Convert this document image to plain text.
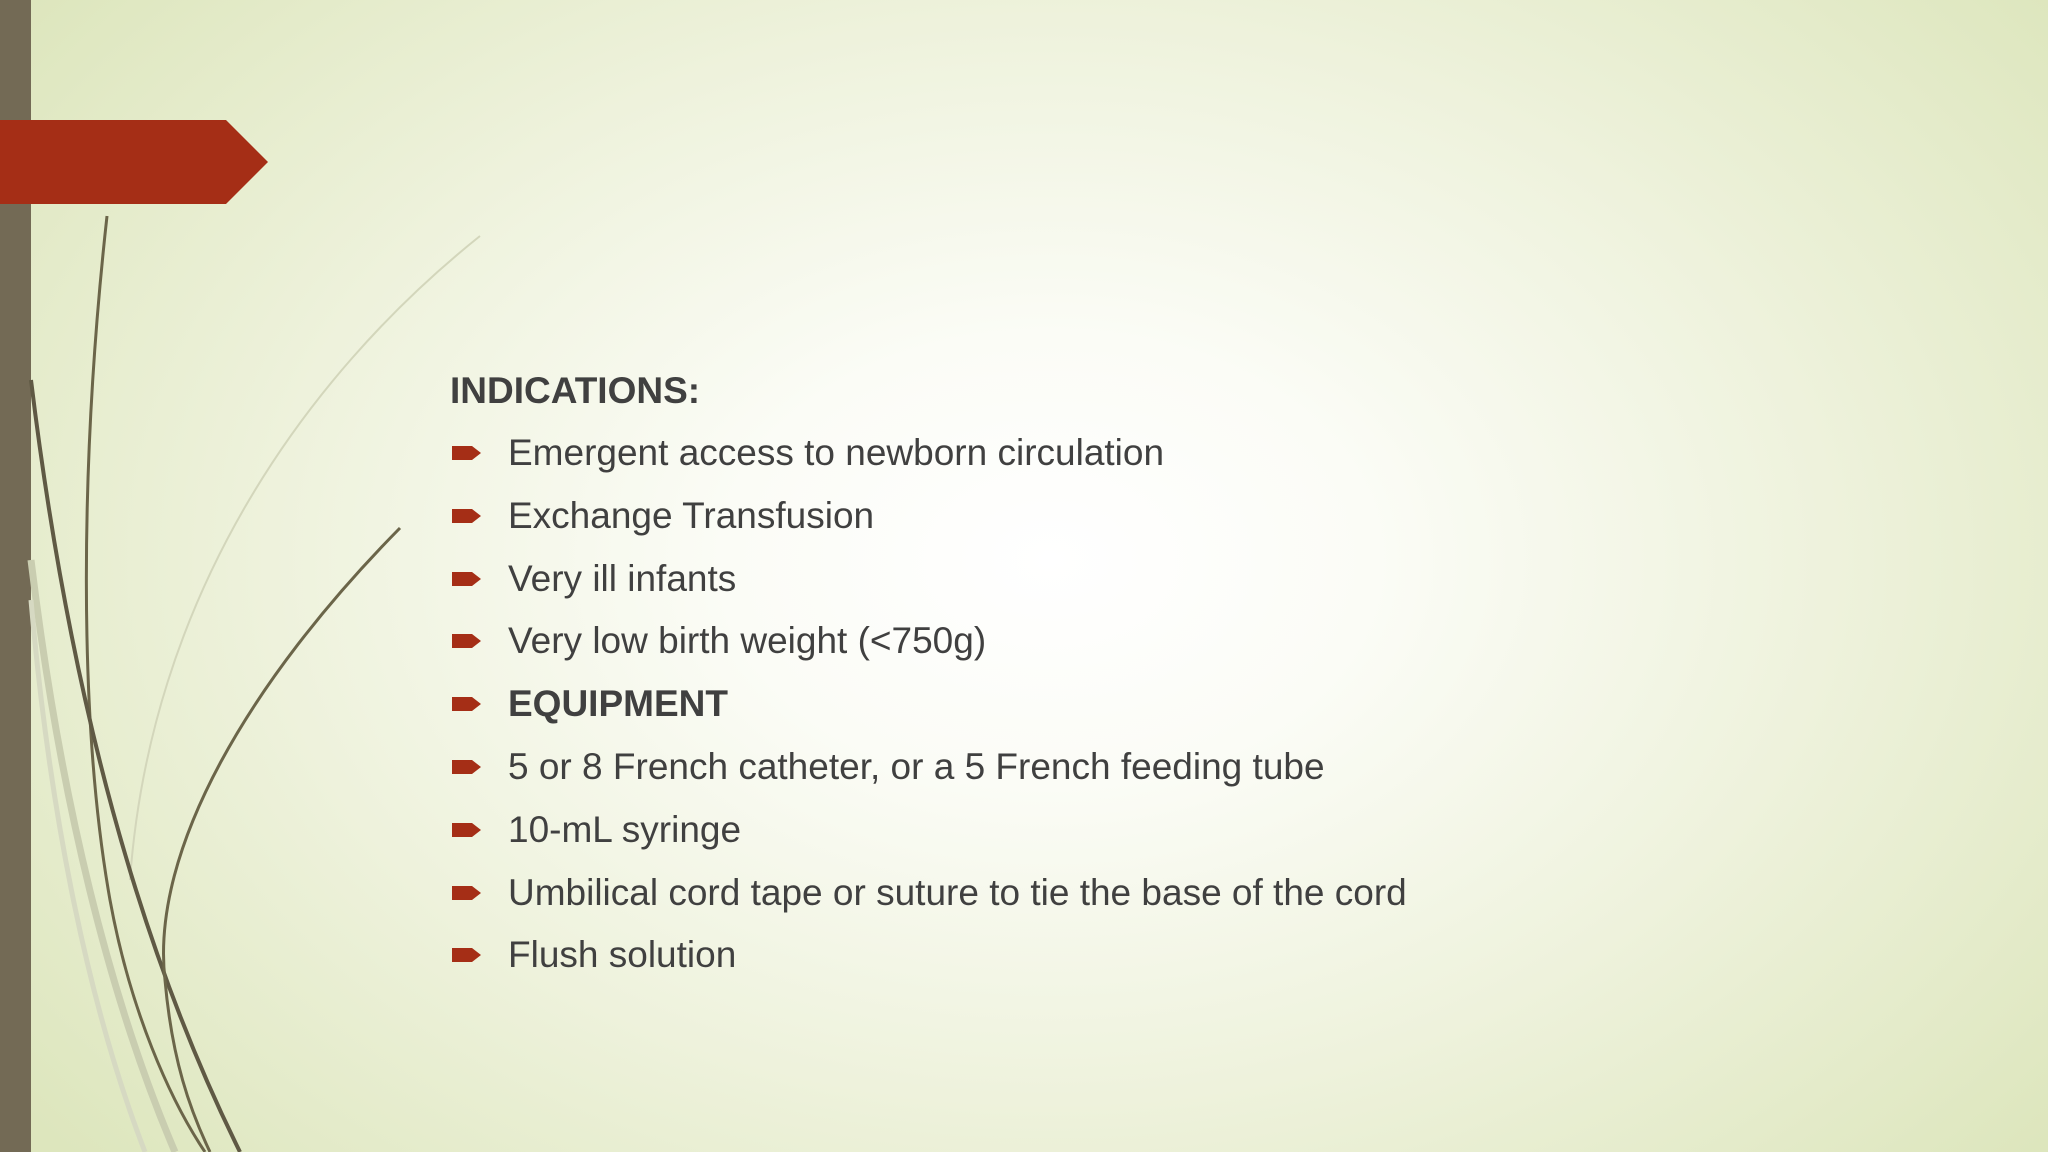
INDICATIONS:

Emergent access to newborn circulation
Exchange Transfusion
Very ill infants
Very low birth weight (<750g)
EQUIPMENT
5 or 8 French catheter, or a 5 French feeding tube
10-mL syringe
Umbilical cord tape or suture to tie the base of the cord
Flush solution
